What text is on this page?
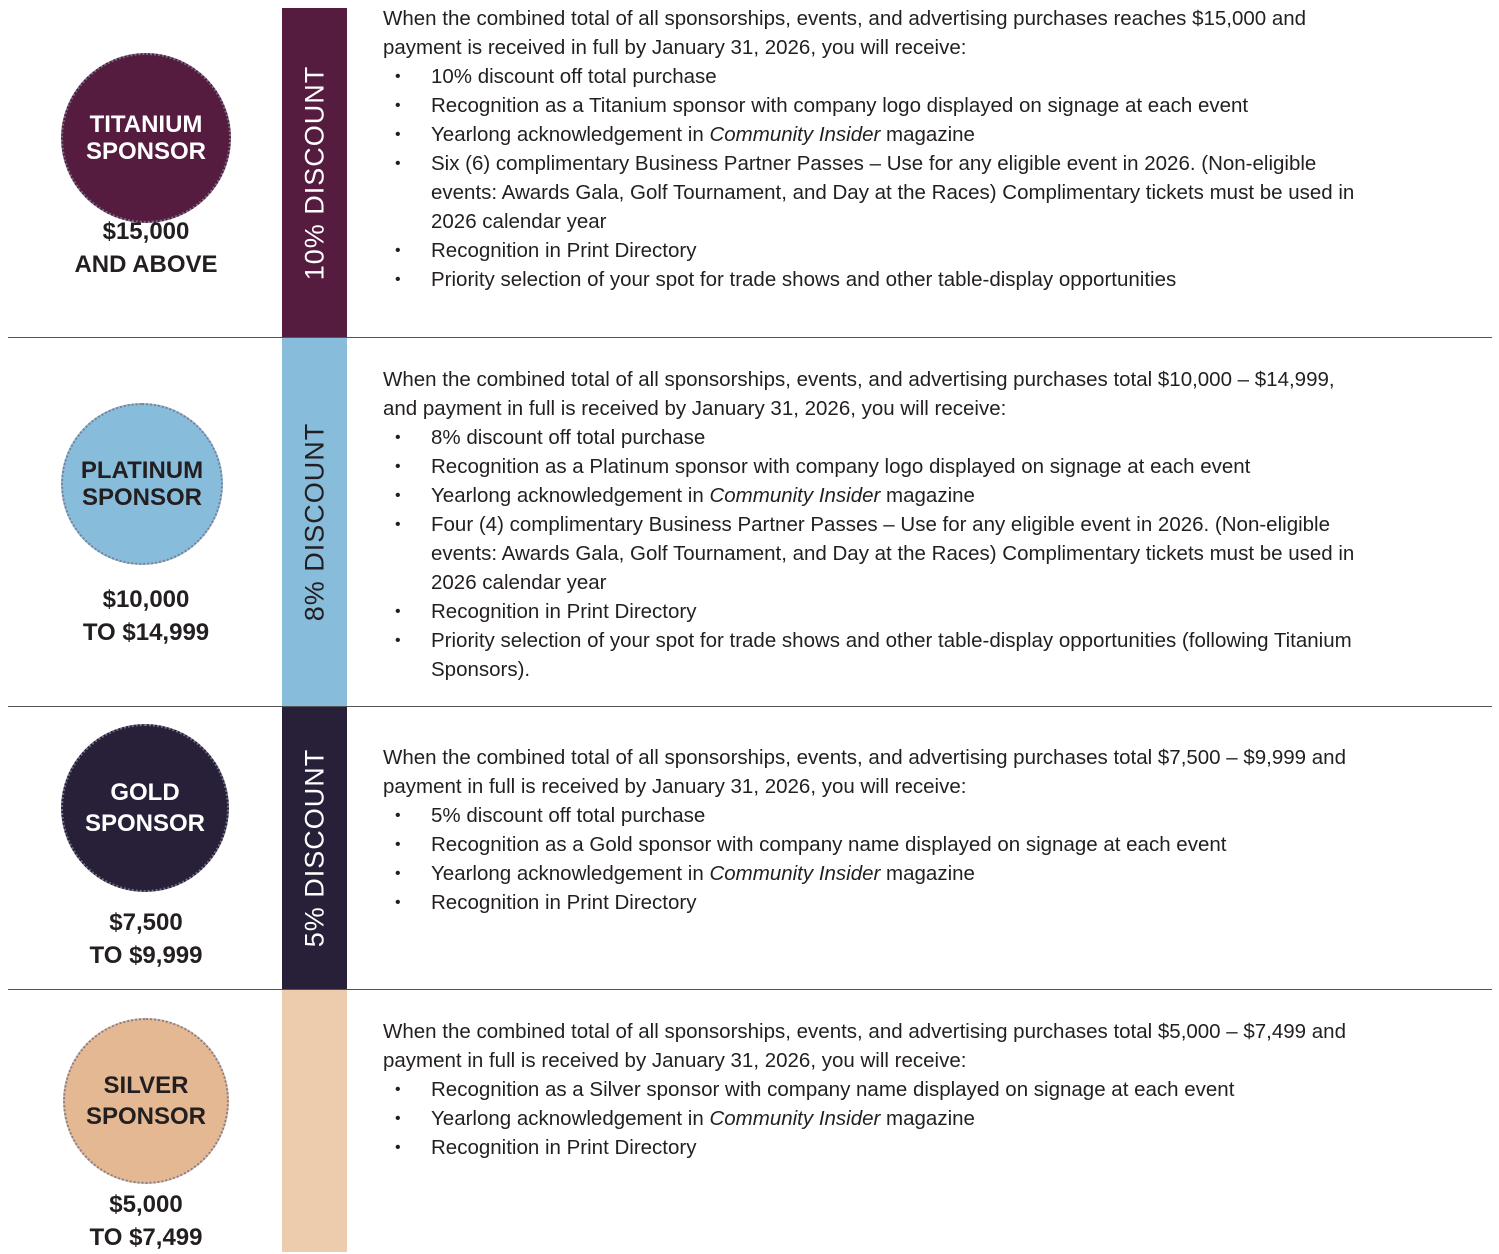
TITANIUM
SPONSOR
$15,000
AND ABOVE	10% DISCOUNT

When the combined total of all sponsorships, events, and advertising purchases reaches $15,000 and
payment is received in full by January 31, 2026, you will receive:

• 10% discount off total purchase
• Recognition as a Titanium sponsor with company logo displayed on signage at each event
• Yearlong acknowledgement in Community Insider magazine
• Six (6) complimentary Business Partner Passes – Use for any eligible event in 2026. (Non-eligible
events: Awards Gala, Golf Tournament, and Day at the Races) Complimentary tickets must be used in
2026 calendar year
• Recognition in Print Directory
• Priority selection of your spot for trade shows and other table-display opportunities
PLATINUM
SPONSOR
$10,000
TO $14,999
8% DISCOUNT

When the combined total of all sponsorships, events, and advertising purchases total $10,000 – $14,999,
and payment in full is received by January 31, 2026, you will receive:

• 8% discount off total purchase
• Recognition as a Platinum sponsor with company logo displayed on signage at each event
• Yearlong acknowledgement in Community Insider magazine
• Four (4) complimentary Business Partner Passes – Use for any eligible event in 2026. (Non-eligible
events: Awards Gala, Golf Tournament, and Day at the Races) Complimentary tickets must be used in
2026 calendar year
• Recognition in Print Directory
• Priority selection of your spot for trade shows and other table-display opportunities (following Titanium
Sponsors).
GOLD
SPONSOR
$7,500
TO $9,999
5% DISCOUNT	When the combined total of all sponsorships, events, and advertising purchases total $7,500 – $9,999 and
payment in full is received by January 31, 2026, you will receive:

• 5% discount off total purchase
• Recognition as a Gold sponsor with company name displayed on signage at each event
• Yearlong acknowledgement in Community Insider magazine
• Recognition in Print Directory
SILVER
SPONSOR
$5,000
TO $7,499

When the combined total of all sponsorships, events, and advertising purchases total $5,000 – $7,499 and
payment in full is received by January 31, 2026, you will receive:

• Recognition as a Silver sponsor with company name displayed on signage at each event
• Yearlong acknowledgement in Community Insider magazine
• Recognition in Print Directory
